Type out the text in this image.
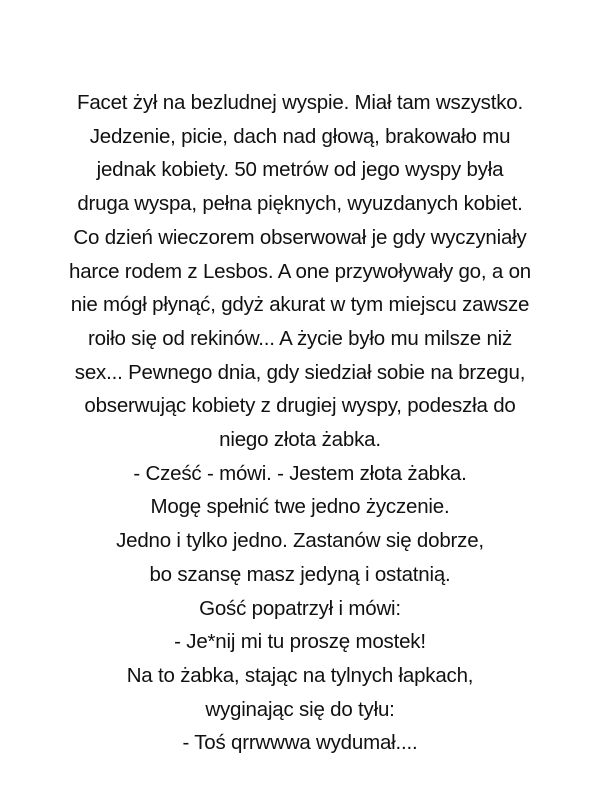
Facet żył na bezludnej wyspie. Miał tam wszystko.
Jedzenie, picie, dach nad głową, brakowało mu
jednak kobiety. 50 metrów od jego wyspy była
druga wyspa, pełna pięknych, wyuzdanych kobiet.
Co dzień wieczorem obserwował je gdy wyczyniały
harce rodem z Lesbos. A one przywoływały go, a on
nie mógł płynąć, gdyż akurat w tym miejscu zawsze
roiło się od rekinów... A życie było mu milsze niż
sex... Pewnego dnia, gdy siedział sobie na brzegu,
obserwując kobiety z drugiej wyspy, podeszła do
niego złota żabka.
- Cześć - mówi. - Jestem złota żabka.
Mogę spełnić twe jedno życzenie.
Jedno i tylko jedno. Zastanów się dobrze,
bo szansę masz jedyną i ostatnią.
Gość popatrzył i mówi:
- Je*nij mi tu proszę mostek!
Na to żabka, stając na tylnych łapkach,
wyginając się do tyłu:
- Toś qrrwwwa wydumał....
